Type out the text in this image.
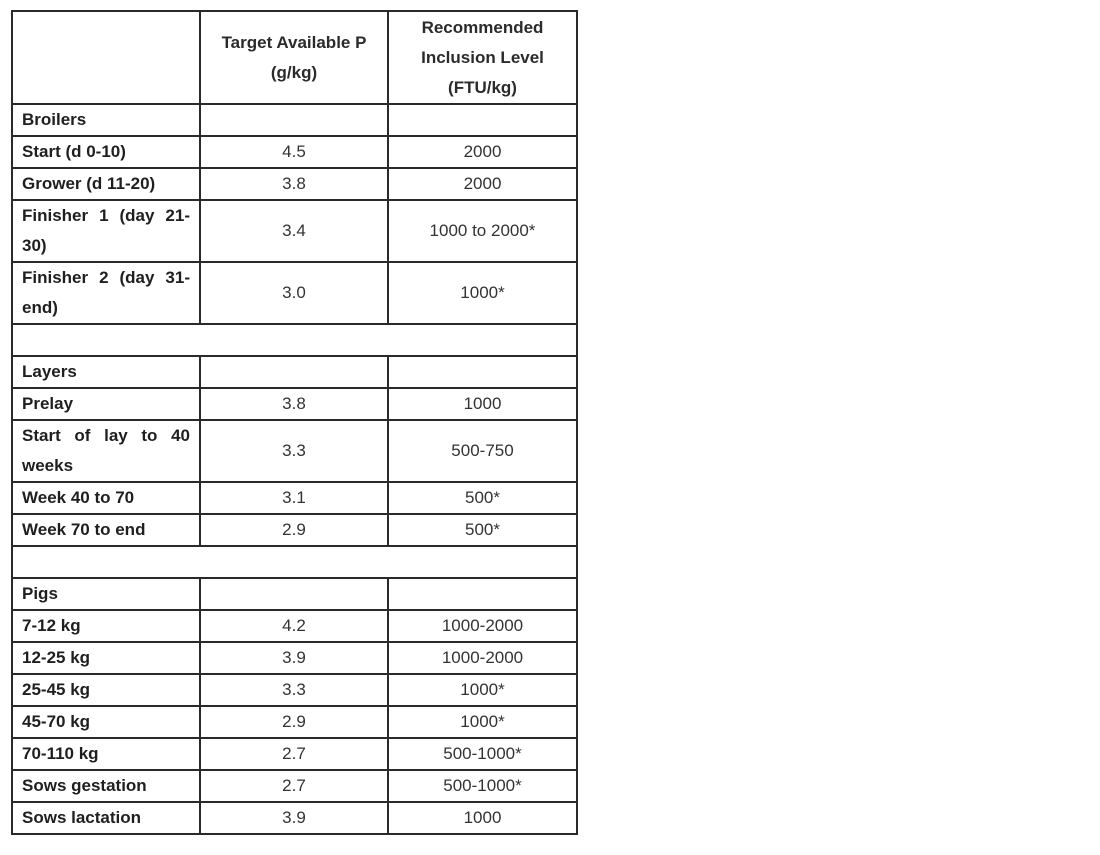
	Target Available P (g/kg)	Recommended Inclusion Level (FTU/kg)
Broilers		
Start (d 0-10)	4.5	2000
Grower (d 11-20)	3.8	2000
Finisher 1 (day 21-30)	3.4	1000 to 2000*
Finisher 2 (day 31-end)	3.0	1000*

Layers		
Prelay	3.8	1000
Start of lay to 40 weeks	3.3	500-750
Week 40 to 70	3.1	500*
Week 70 to end	2.9	500*

Pigs		
7-12 kg	4.2	1000-2000
12-25 kg	3.9	1000-2000
25-45 kg	3.3	1000*
45-70 kg	2.9	1000*
70-110 kg	2.7	500-1000*
Sows gestation	2.7	500-1000*
Sows lactation	3.9	1000
